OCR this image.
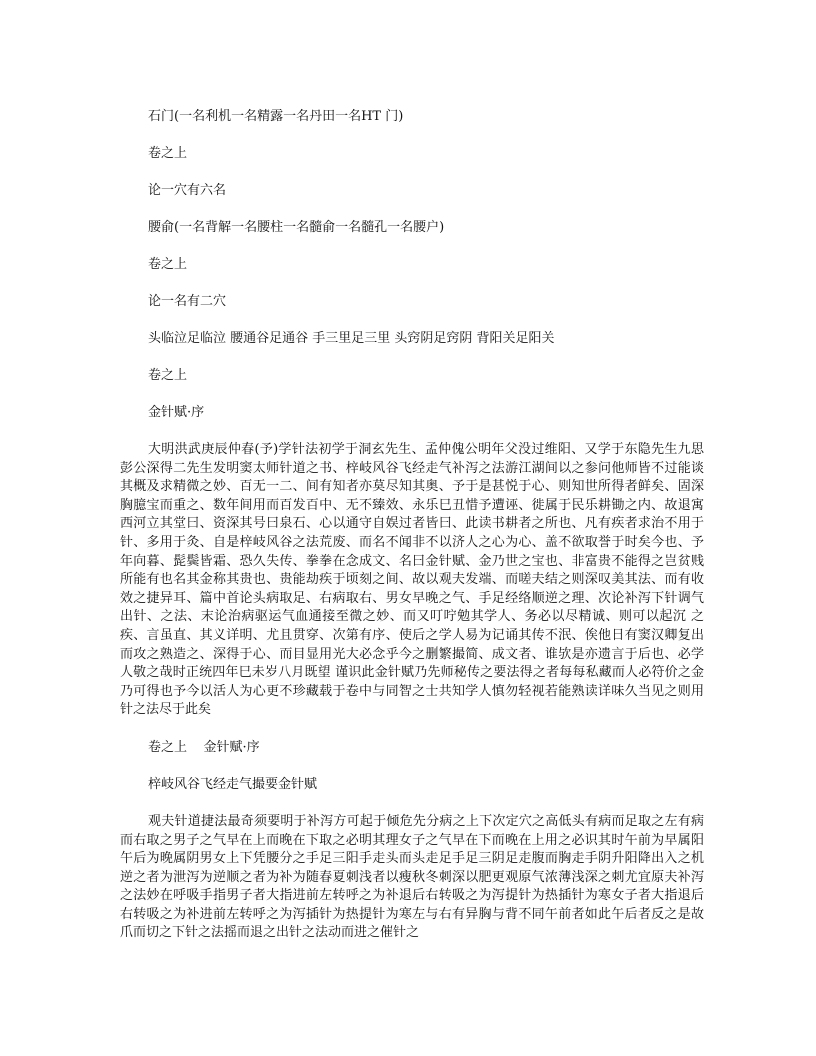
石门(一名利机一名精露一名丹田一名HT 门)
卷之上
论一穴有六名
腰俞(一名背解一名腰柱一名髓俞一名髓孔一名腰户)
卷之上
论一名有二穴
头临泣足临泣 腰通谷足通谷 手三里足三里 头窍阴足窍阴 背阳关足阳关
卷之上
金针赋·序

大明洪武庚辰仲春(予)学针法初学于洞玄先生、孟仲傀公明年父没过维阳、又学于东隐先生九思彭公深得二先生发明窦太师针道之书、梓岐风谷飞经走气补泻之法游江湖间以之参问他师皆不过能谈其概及求精微之妙、百无一二、间有知者亦莫尽知其奥、予于是甚悦于心、则知世所得者鲜矣、固深胸臆宝而重之、数年间用而百发百中、无不臻效、永乐巳丑惜予遭诬、徙属于民乐耕锄之内、故退寓西河立其堂曰、资深其号曰泉石、心以通守自娱过者皆曰、此读书耕者之所也、凡有疾者求治不用于针、多用于灸、自是梓岐风谷之法荒废、而名不闻非不以济人之心为心、盖不欲取誉于时矣今也、予年向暮、髭鬓皆霜、恐久失传、拳拳在念成文、名曰金针赋、金乃世之宝也、非富贵不能得之岂贫贱所能有也名其金称其贵也、贵能劫疾于顷刻之间、故以观夫发端、而嗟夫结之则深叹美其法、而有收效之捷异耳、篇中首论头病取足、右病取右、男女早晚之气、手足经络顺逆之理、次论补泻下针调气出针、之法、末论治病驱运气血通接至微之妙、而又叮咛勉其学人、务必以尽精诚、则可以起沉 之疾、言虽直、其义详明、尤且贯穿、次第有序、使后之学人易为记诵其传不泯、俟他日有窦汉卿复出而攻之熟造之、深得于心、而目显用光大必念乎今之删繁撮简、成文者、谁欤是亦遗言于后也、必学人敬之哉时正统四年巳未岁八月既望 谨识此金针赋乃先师秘传之要法得之者每每私藏而人必符价之金乃可得也予今以活人为心更不珍藏载于卷中与同智之士共知学人慎勿轻视若能熟读详味久当见之则用针之法尽于此矣

卷之上    金针赋·序
梓岐风谷飞经走气撮要金针赋

观夫针道捷法最奇须要明于补泻方可起于倾危先分病之上下次定穴之高低头有病而足取之左有病而右取之男子之气早在上而晚在下取之必明其理女子之气早在下而晚在上用之必识其时午前为早属阳午后为晚属阴男女上下凭腰分之手足三阳手走头而头走足手足三阴足走腹而胸走手阴升阳降出入之机逆之者为泄泻为逆顺之者为补为随春夏刺浅者以瘦秋冬刺深以肥更观原气浓薄浅深之刺尤宜原夫补泻之法妙在呼吸手指男子者大指进前左转呼之为补退后右转吸之为泻提针为热插针为寒女子者大指退后右转吸之为补进前左转呼之为泻插针为热提针为寒左与右有异胸与背不同午前者如此午后者反之是故爪而切之下针之法摇而退之出针之法动而进之催针之
